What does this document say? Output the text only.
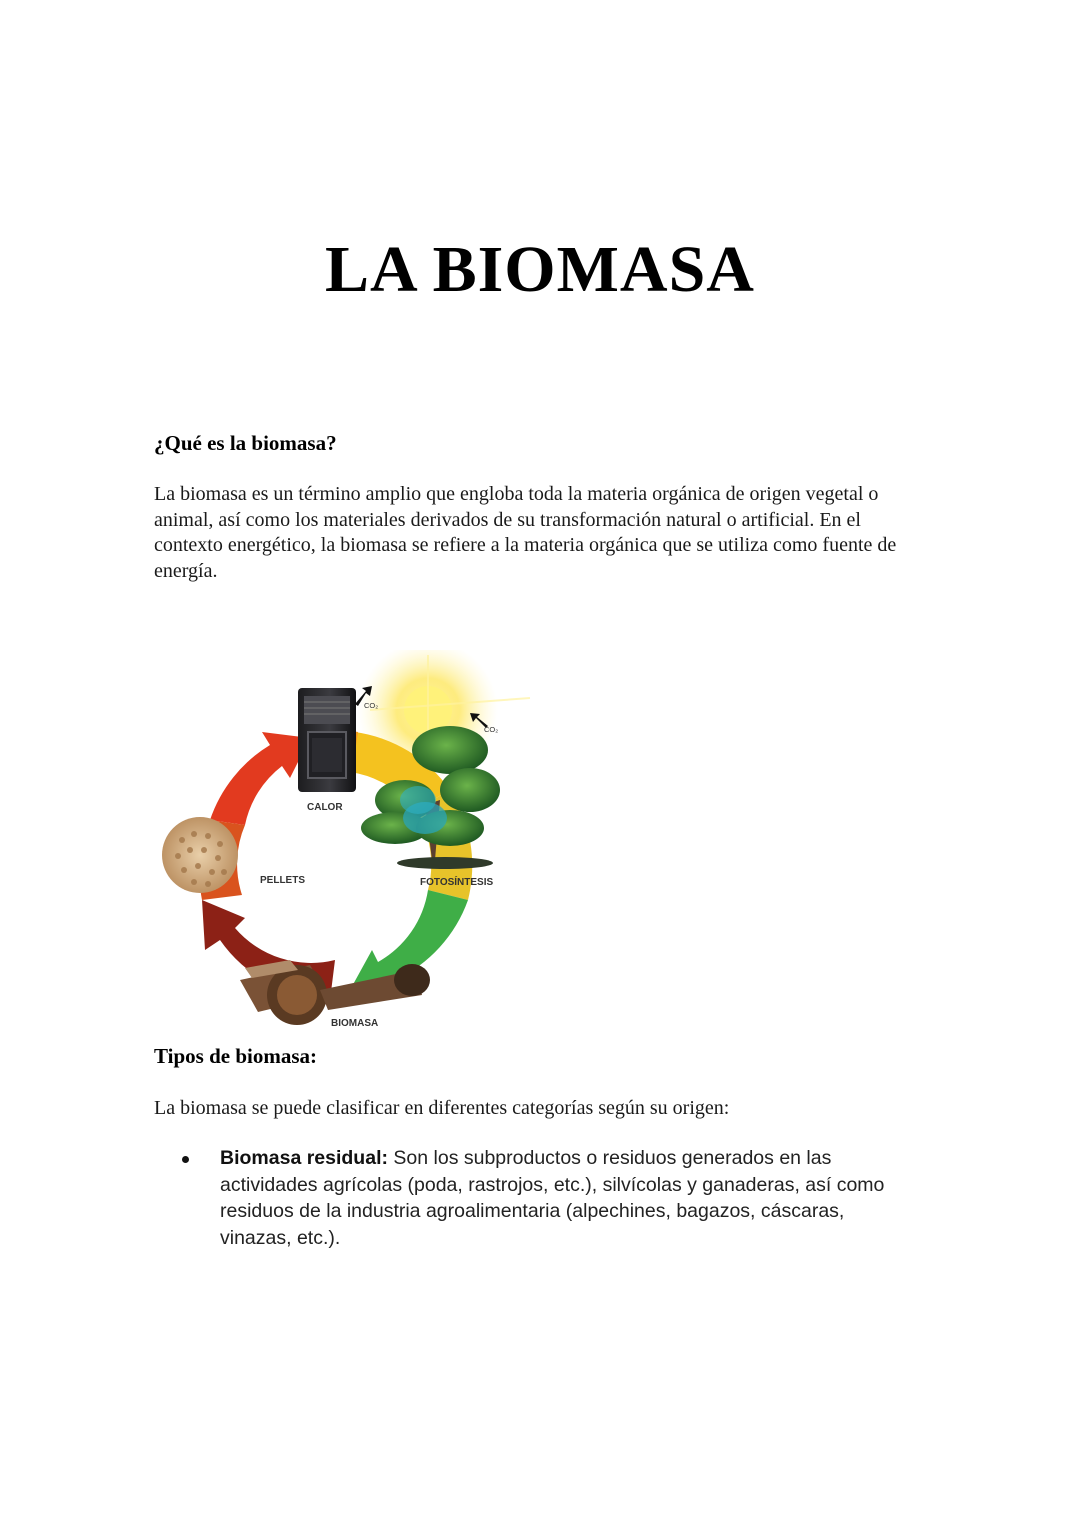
LA BIOMASA
¿Qué es la biomasa?

La biomasa es un término amplio que engloba toda la materia orgánica de origen vegetal o animal, así como los materiales derivados de su transformación natural o artificial. En el contexto energético, la biomasa se refiere a la materia orgánica que se utiliza como fuente de energía.

CO₂
CALOR
CO₂
FOTOSÍNTESIS
BIOMASA
PELLETS
Tipos de biomasa:

La biomasa se puede clasificar en diferentes categorías según su origen:

Biomasa residual: Son los subproductos o residuos generados en las actividades agrícolas (poda, rastrojos, etc.), silvícolas y ganaderas, así como residuos de la industria agroalimentaria (alpechines, bagazos, cáscaras, vinazas, etc.).
